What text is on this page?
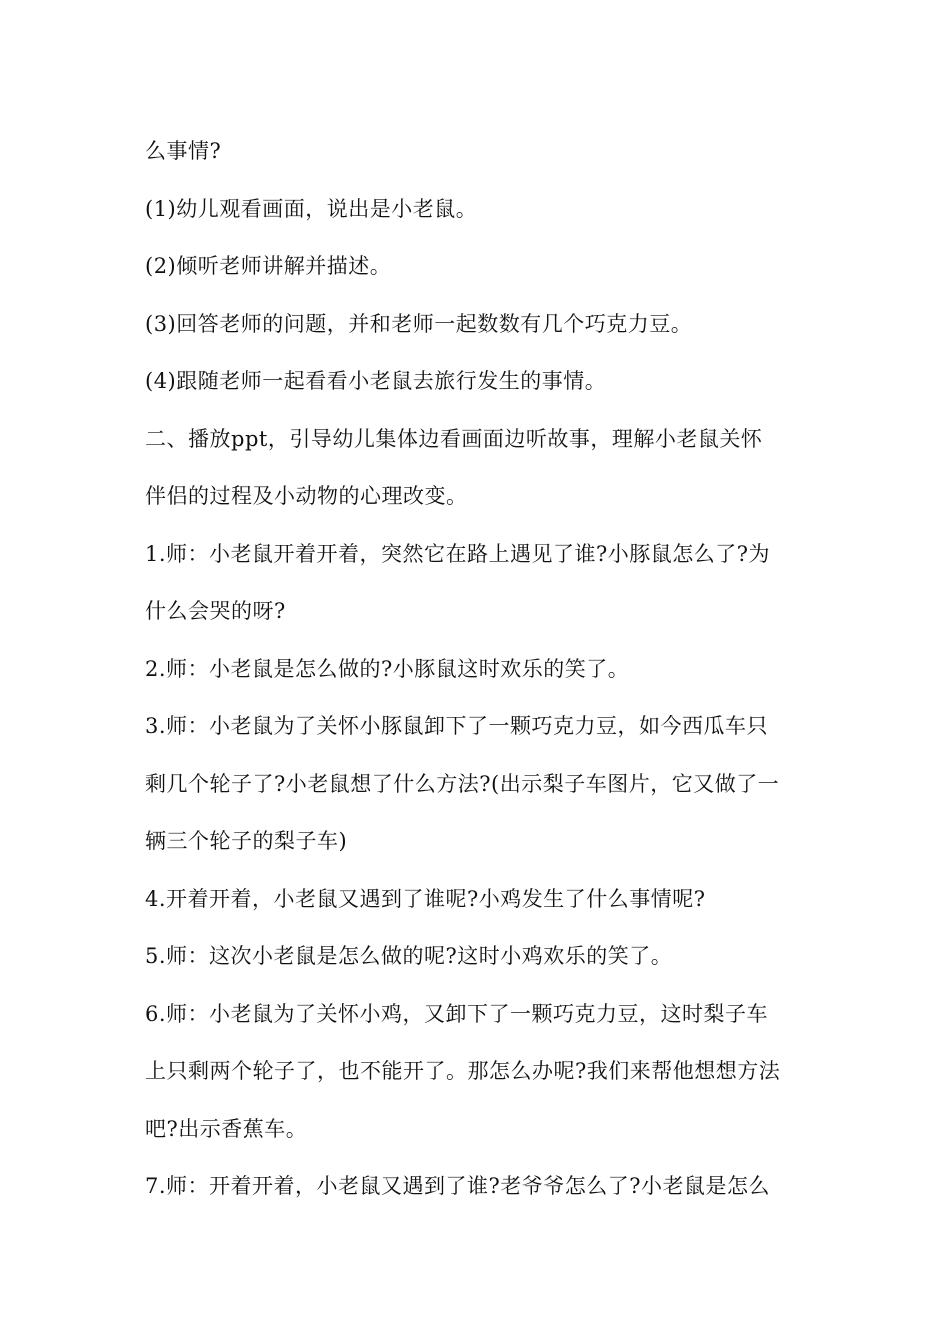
么事情?
(1)幼儿观看画面，说出是小老鼠。
(2)倾听老师讲解并描述。
(3)回答老师的问题，并和老师一起数数有几个巧克力豆。
(4)跟随老师一起看看小老鼠去旅行发生的事情。
二、播放ppt，引导幼儿集体边看画面边听故事，理解小老鼠关怀
伴侣的过程及小动物的心理改变。
1.师：小老鼠开着开着，突然它在路上遇见了谁?小豚鼠怎么了?为
什么会哭的呀?
2.师：小老鼠是怎么做的?小豚鼠这时欢乐的笑了。
3.师：小老鼠为了关怀小豚鼠卸下了一颗巧克力豆，如今西瓜车只
剩几个轮子了?小老鼠想了什么方法?(出示梨子车图片，它又做了一
辆三个轮子的梨子车)
4.开着开着，小老鼠又遇到了谁呢?小鸡发生了什么事情呢?
5.师：这次小老鼠是怎么做的呢?这时小鸡欢乐的笑了。
6.师：小老鼠为了关怀小鸡，又卸下了一颗巧克力豆，这时梨子车
上只剩两个轮子了，也不能开了。那怎么办呢?我们来帮他想想方法
吧?出示香蕉车。
7.师：开着开着，小老鼠又遇到了谁?老爷爷怎么了?小老鼠是怎么
